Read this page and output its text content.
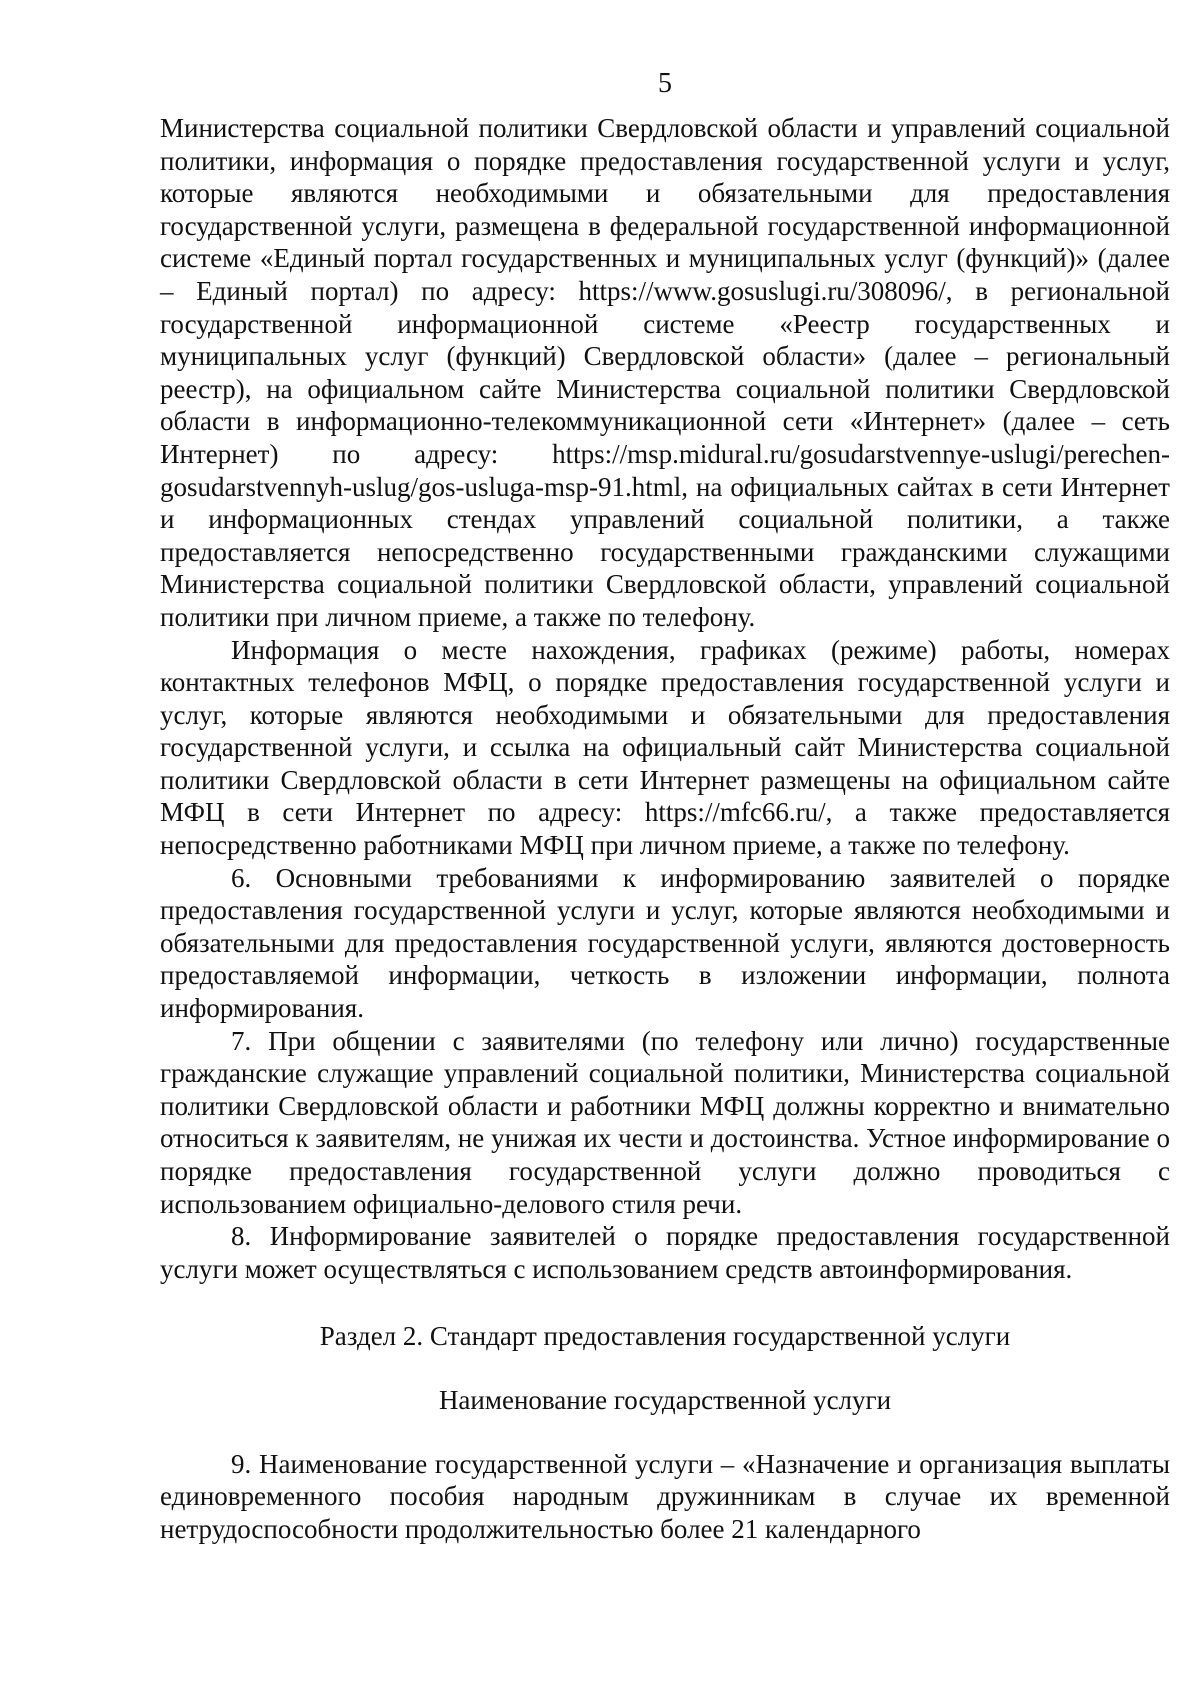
5

Министерства социальной политики Свердловской области и управлений социальной политики, информация о порядке предоставления государственной услуги и услуг, которые являются необходимыми и обязательными для предоставления государственной услуги, размещена в федеральной государственной информационной системе «Единый портал государственных и муниципальных услуг (функций)» (далее – Единый портал) по адресу: https://www.gosuslugi.ru/308096/, в региональной государственной информационной системе «Реестр государственных и муниципальных услуг (функций) Свердловской области» (далее – региональный реестр), на официальном сайте Министерства социальной политики Свердловской области в информационно-телекоммуникационной сети «Интернет» (далее – сеть Интернет) по адресу: https://msp.midural.ru/gosudarstvennye-uslugi/perechen-gosudarstvennyh-uslug/gos-usluga-msp-91.html, на официальных сайтах в сети Интернет и информационных стендах управлений социальной политики, а также предоставляется непосредственно государственными гражданскими служащими Министерства социальной политики Свердловской области, управлений социальной политики при личном приеме, а также по телефону.

Информация о месте нахождения, графиках (режиме) работы, номерах контактных телефонов МФЦ, о порядке предоставления государственной услуги и услуг, которые являются необходимыми и обязательными для предоставления государственной услуги, и ссылка на официальный сайт Министерства социальной политики Свердловской области в сети Интернет размещены на официальном сайте МФЦ в сети Интернет по адресу: https://mfc66.ru/, а также предоставляется непосредственно работниками МФЦ при личном приеме, а также по телефону.

6. Основными требованиями к информированию заявителей о порядке предоставления государственной услуги и услуг, которые являются необходимыми и обязательными для предоставления государственной услуги, являются достоверность предоставляемой информации, четкость в изложении информации, полнота информирования.

7. При общении с заявителями (по телефону или лично) государственные гражданские служащие управлений социальной политики, Министерства социальной политики Свердловской области и работники МФЦ должны корректно и внимательно относиться к заявителям, не унижая их чести и достоинства. Устное информирование о порядке предоставления государственной услуги должно проводиться с использованием официально-делового стиля речи.

8. Информирование заявителей о порядке предоставления государственной услуги может осуществляться с использованием средств автоинформирования.

Раздел 2. Стандарт предоставления государственной услуги

Наименование государственной услуги

9. Наименование государственной услуги – «Назначение и организация выплаты единовременного пособия народным дружинникам в случае их временной нетрудоспособности продолжительностью более 21 календарного
